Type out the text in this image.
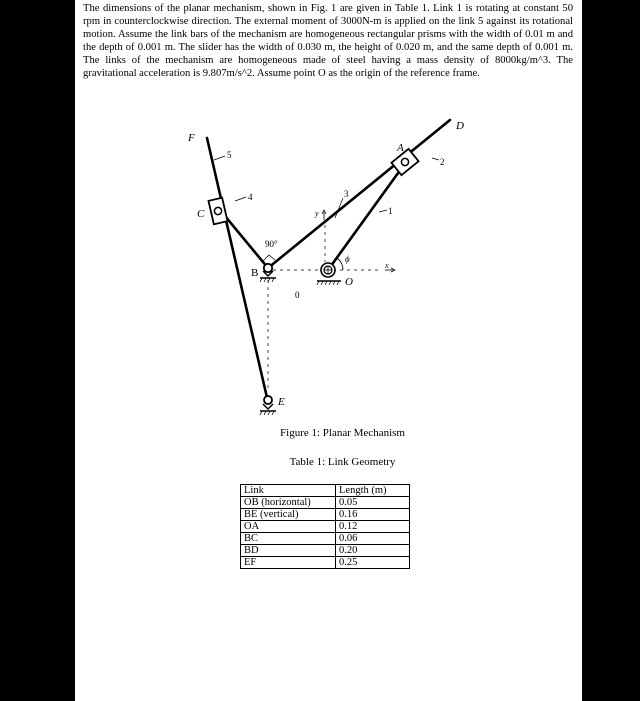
The dimensions of the planar mechanism, shown in Fig. 1 are given in Table 1. Link 1 is rotating at constant 50 rpm in counterclockwise direction. The external moment of 3000N-m is applied on the link 5 against its rotational motion. Assume the link bars of the mechanism are homogeneous rectangular prisms with the width of 0.01 m and the depth of 0.001 m. The slider has the width of 0.030 m, the height of 0.020 m, and the same depth of 0.001 m. The links of the mechanism are homogeneous made of steel having a mass density of 8000kg/m^3. The gravitational acceleration is 9.807m/s^2. Assume point O as the origin of the reference frame.

F
C
B
E
O
A
D
5
4	3
1
2
0
90°
ϕ
x
y
Figure 1: Planar Mechanism
Table 1: Link Geometry
Link	Length (m)
OB (horizontal)	0.05
BE (vertical)	0.16
OA	0.12
BC	0.06
BD	0.20
EF	0.25
